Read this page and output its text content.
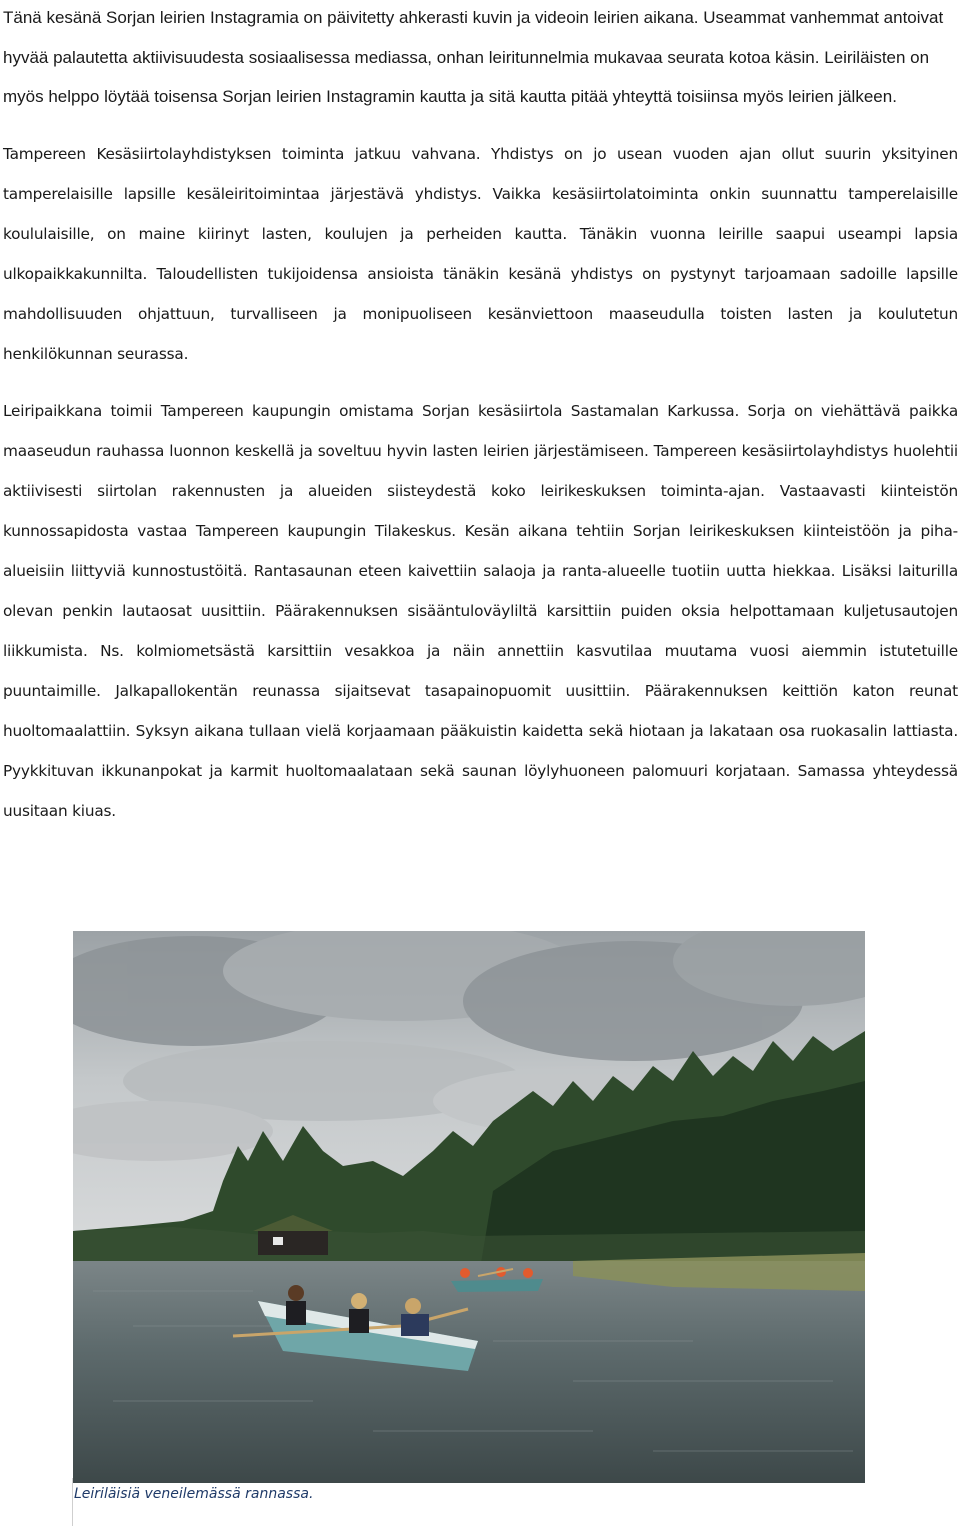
Tänä kesänä Sorjan leirien Instagramia on päivitetty ahkerasti kuvin ja videoin leirien aikana. Useammat vanhemmat antoivat hyvää palautetta aktiivisuudesta sosiaalisessa mediassa, onhan leiritunnelmia mukavaa seurata kotoa käsin. Leiriläisten on myös helppo löytää toisensa Sorjan leirien Instagramin kautta ja sitä kautta pitää yhteyttä toisiinsa myös leirien jälkeen.

Tampereen Kesäsiirtolayhdistyksen toiminta jatkuu vahvana. Yhdistys on jo usean vuoden ajan ollut suurin yksityinen tamperelaisille lapsille kesäleiritoimintaa järjestävä yhdistys. Vaikka kesäsiirtolatoiminta onkin suunnattu tamperelaisille koululaisille, on maine kiirinyt lasten, koulujen ja perheiden kautta. Tänäkin vuonna leirille saapui useampi lapsia ulkopaikkakunnilta. Taloudellisten tukijoidensa ansioista tänäkin kesänä yhdistys on pystynyt tarjoamaan sadoille lapsille mahdollisuuden ohjattuun, turvalliseen ja monipuoliseen kesänviettoon maaseudulla toisten lasten ja koulutetun henkilökunnan seurassa.

Leiripaikkana toimii Tampereen kaupungin omistama Sorjan kesäsiirtola Sastamalan Karkussa. Sorja on viehättävä paikka maaseudun rauhassa luonnon keskellä ja soveltuu hyvin lasten leirien järjestämiseen. Tampereen kesäsiirtolayhdistys huolehtii aktiivisesti siirtolan rakennusten ja alueiden siisteydestä koko leirikeskuksen toiminta-ajan. Vastaavasti kiinteistön kunnossapidosta vastaa Tampereen kaupungin Tilakeskus. Kesän aikana tehtiin Sorjan leirikeskuksen kiinteistöön ja piha-alueisiin liittyviä kunnostustöitä. Rantasaunan eteen kaivettiin salaoja ja ranta-alueelle tuotiin uutta hiekkaa. Lisäksi laiturilla olevan penkin lautaosat uusittiin. Päärakennuksen sisääntuloväyliltä karsittiin puiden oksia helpottamaan kuljetusautojen liikkumista. Ns. kolmiometsästä karsittiin vesakkoa ja näin annettiin kasvutilaa muutama vuosi aiemmin istutetuille puuntaimille. Jalkapallokentän reunassa sijaitsevat tasapainopuomit uusittiin. Päärakennuksen keittiön katon reunat huoltomaalattiin. Syksyn aikana tullaan vielä korjaamaan pääkuistin kaidetta sekä hiotaan ja lakataan osa ruokasalin lattiasta. Pyykkituvan ikkunanpokat ja karmit huoltomaalataan sekä saunan löylyhuoneen palomuuri korjataan. Samassa yhteydessä uusitaan kiuas.

Leiriläisiä veneilemässä rannassa.
